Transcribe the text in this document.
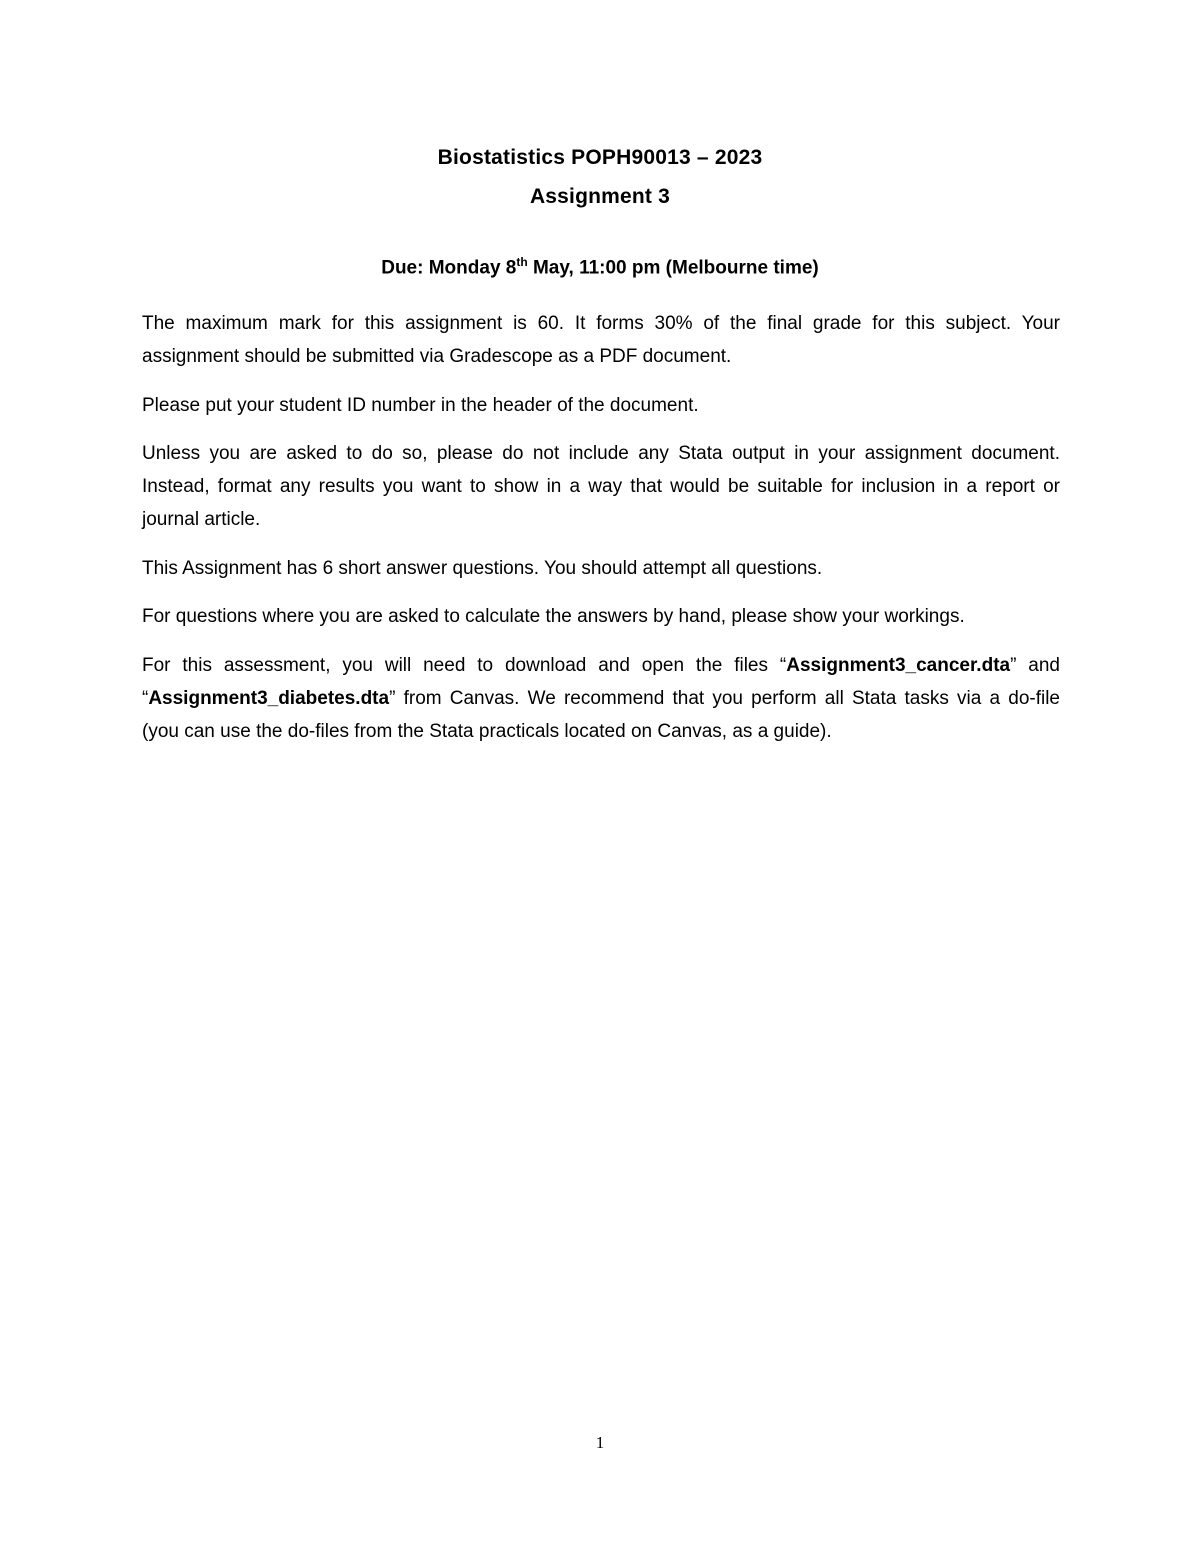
Biostatistics POPH90013 – 2023
Assignment 3
Due: Monday 8th May, 11:00 pm (Melbourne time)
The maximum mark for this assignment is 60. It forms 30% of the final grade for this subject. Your assignment should be submitted via Gradescope as a PDF document.
Please put your student ID number in the header of the document.
Unless you are asked to do so, please do not include any Stata output in your assignment document. Instead, format any results you want to show in a way that would be suitable for inclusion in a report or journal article.
This Assignment has 6 short answer questions. You should attempt all questions.
For questions where you are asked to calculate the answers by hand, please show your workings.
For this assessment, you will need to download and open the files “Assignment3_cancer.dta” and “Assignment3_diabetes.dta” from Canvas. We recommend that you perform all Stata tasks via a do-file (you can use the do-files from the Stata practicals located on Canvas, as a guide).
1
